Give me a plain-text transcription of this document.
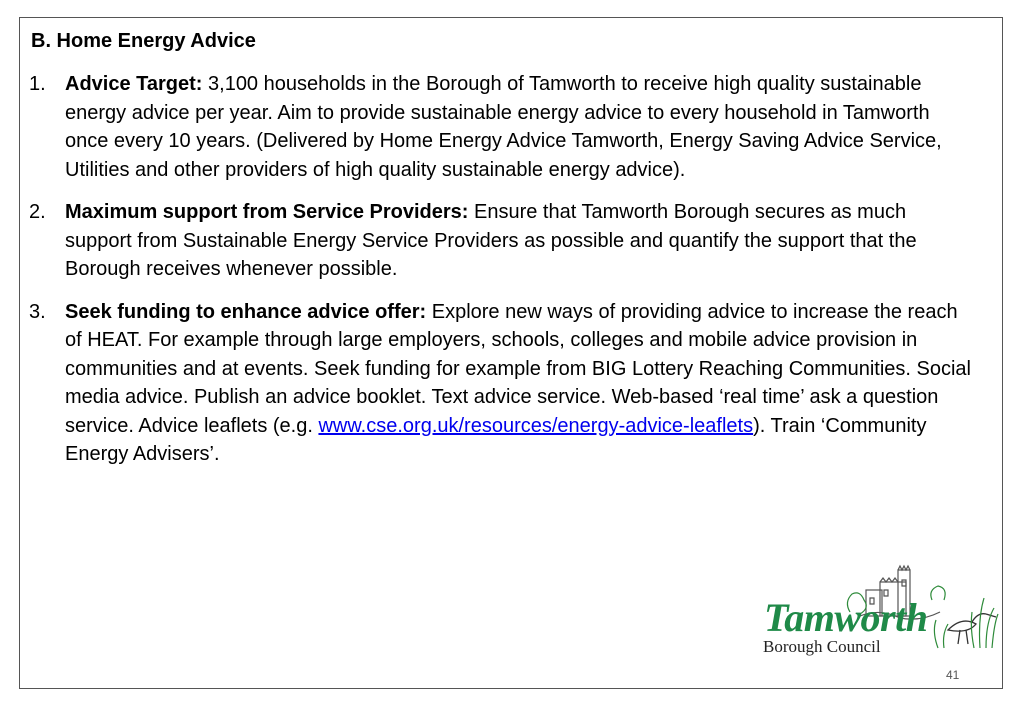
B. Home Energy Advice
1. Advice Target: 3,100 households in the Borough of Tamworth to receive high quality sustainable energy advice per year. Aim to provide sustainable energy advice to every household in Tamworth once every 10 years. (Delivered by Home Energy Advice Tamworth, Energy Saving Advice Service, Utilities and other providers of high quality sustainable energy advice).
2. Maximum support from Service Providers: Ensure that Tamworth Borough secures as much support from Sustainable Energy Service Providers as possible and quantify the support that the Borough receives whenever possible.
3. Seek funding to enhance advice offer: Explore new ways of providing advice to increase the reach of HEAT. For example through large employers, schools, colleges and mobile advice provision in communities and at events. Seek funding for example from BIG Lottery Reaching Communities. Social media advice. Publish an advice booklet. Text advice service. Web-based ‘real time’ ask a question service. Advice leaflets (e.g. www.cse.org.uk/resources/energy-advice-leaflets). Train ‘Community Energy Advisers’.
Tamworth
Borough Council
41
